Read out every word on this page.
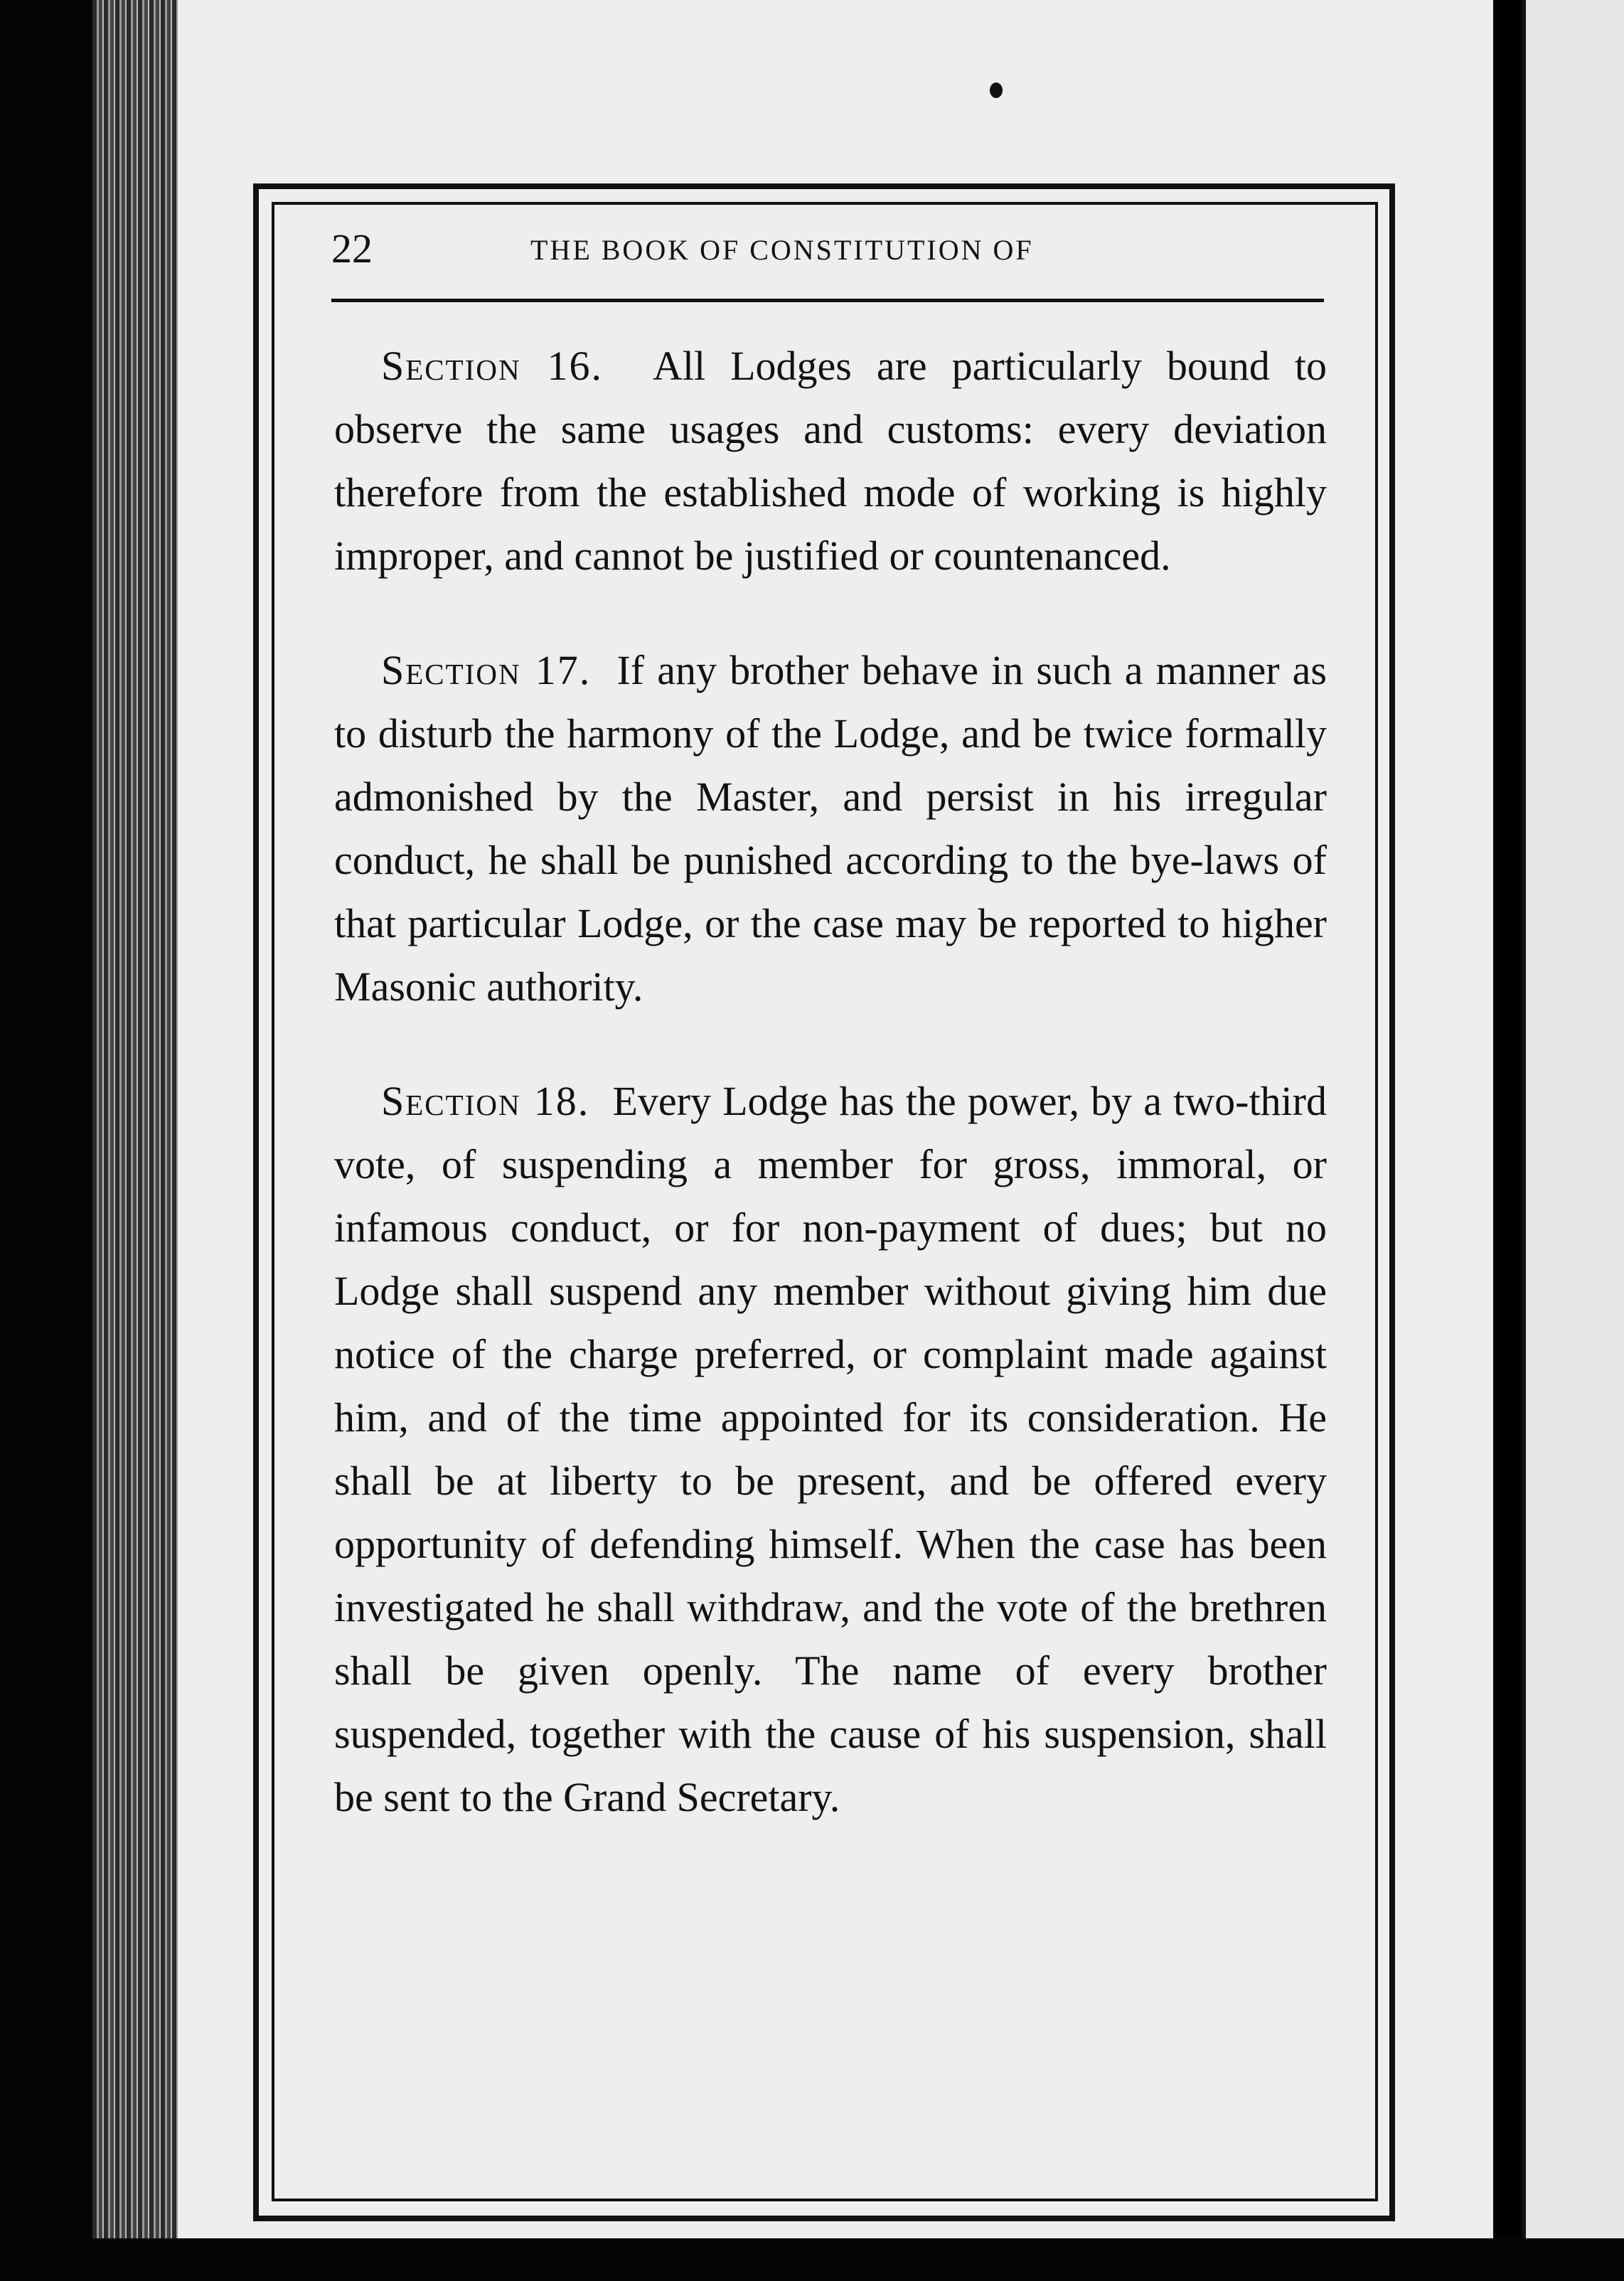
22	THE BOOK OF CONSTITUTION OF

Section 16. All Lodges are particularly bound to observe the same usages and customs: every deviation therefore from the established mode of working is highly improper, and cannot be justified or countenanced.

Section 17. If any brother behave in such a manner as to disturb the harmony of the Lodge, and be twice formally admonished by the Master, and persist in his irregular conduct, he shall be punished according to the bye-laws of that particular Lodge, or the case may be reported to higher Masonic authority.

Section 18. Every Lodge has the power, by a two-third vote, of suspending a member for gross, immoral, or infamous conduct, or for non-payment of dues; but no Lodge shall suspend any member without giving him due notice of the charge preferred, or complaint made against him, and of the time appointed for its consideration. He shall be at liberty to be present, and be offered every opportunity of defending himself. When the case has been investigated he shall withdraw, and the vote of the brethren shall be given openly. The name of every brother suspended, together with the cause of his suspension, shall be sent to the Grand Secretary.
